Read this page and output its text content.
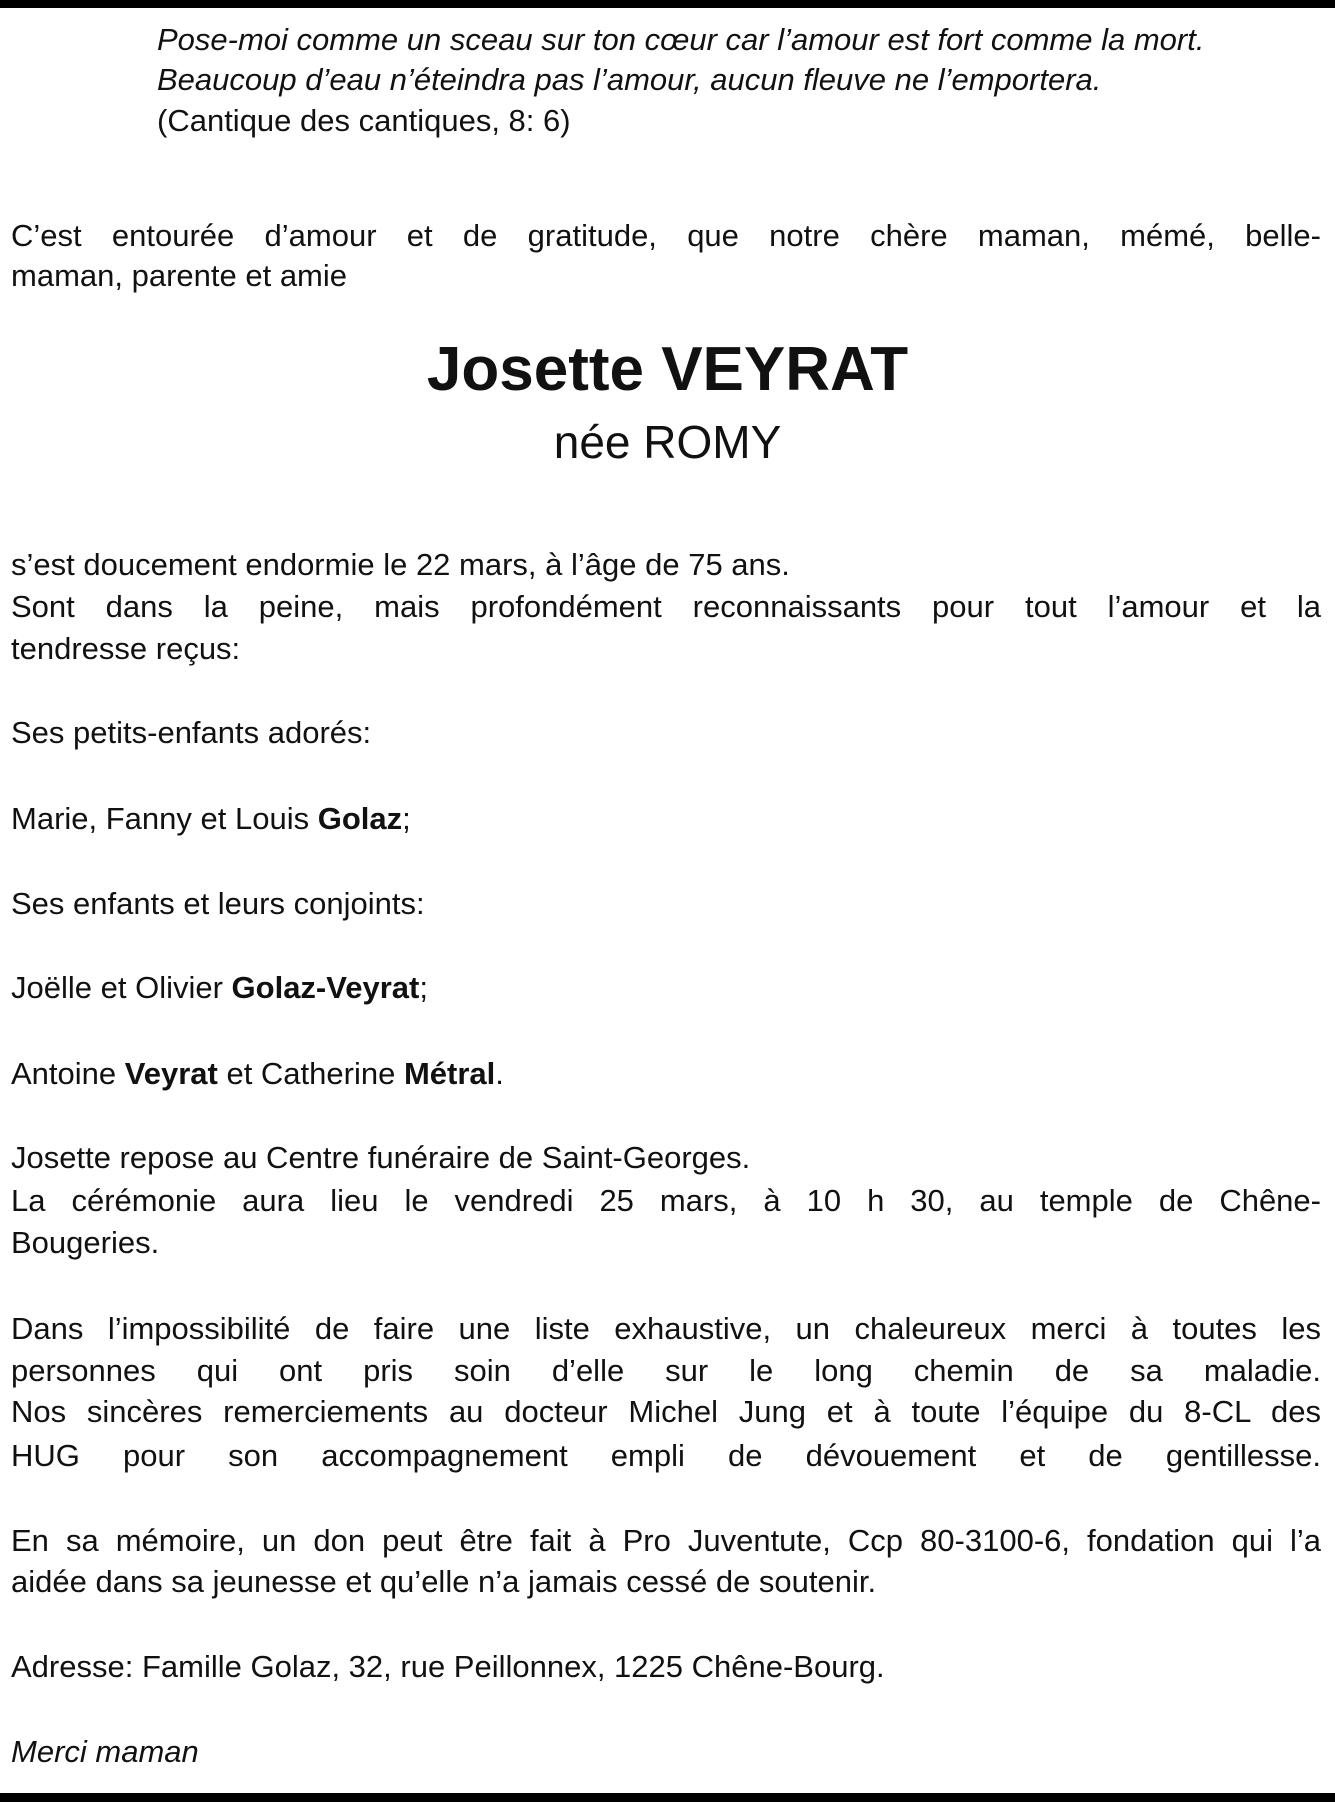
Pose-moi comme un sceau sur ton cœur car l’amour est fort comme la mort.
Beaucoup d’eau n’éteindra pas l’amour, aucun fleuve ne l’emportera.
(Cantique des cantiques, 8: 6)
C’est entourée d’amour et de gratitude, que notre chère maman, mémé, belle-
maman, parente et amie
Josette VEYRAT
née ROMY
s’est doucement endormie le 22 mars, à l’âge de 75 ans.
Sont dans la peine, mais profondément reconnaissants pour tout l’amour et la
tendresse reçus:
Ses petits-enfants adorés:
Marie, Fanny et Louis Golaz;
Ses enfants et leurs conjoints:
Joëlle et Olivier Golaz-Veyrat;
Antoine Veyrat et Catherine Métral.
Josette repose au Centre funéraire de Saint-Georges.
La cérémonie aura lieu le vendredi 25 mars, à 10 h 30, au temple de Chêne-
Bougeries.
Dans l’impossibilité de faire une liste exhaustive, un chaleureux merci à toutes les
personnes qui ont pris soin d’elle sur le long chemin de sa maladie.
Nos sincères remerciements au docteur Michel Jung et à toute l’équipe du 8-CL des
HUG pour son accompagnement empli de dévouement et de gentillesse.
En sa mémoire, un don peut être fait à Pro Juventute, Ccp 80-3100-6, fondation qui l’a
aidée dans sa jeunesse et qu’elle n’a jamais cessé de soutenir.
Adresse: Famille Golaz, 32, rue Peillonnex, 1225 Chêne-Bourg.
Merci maman
